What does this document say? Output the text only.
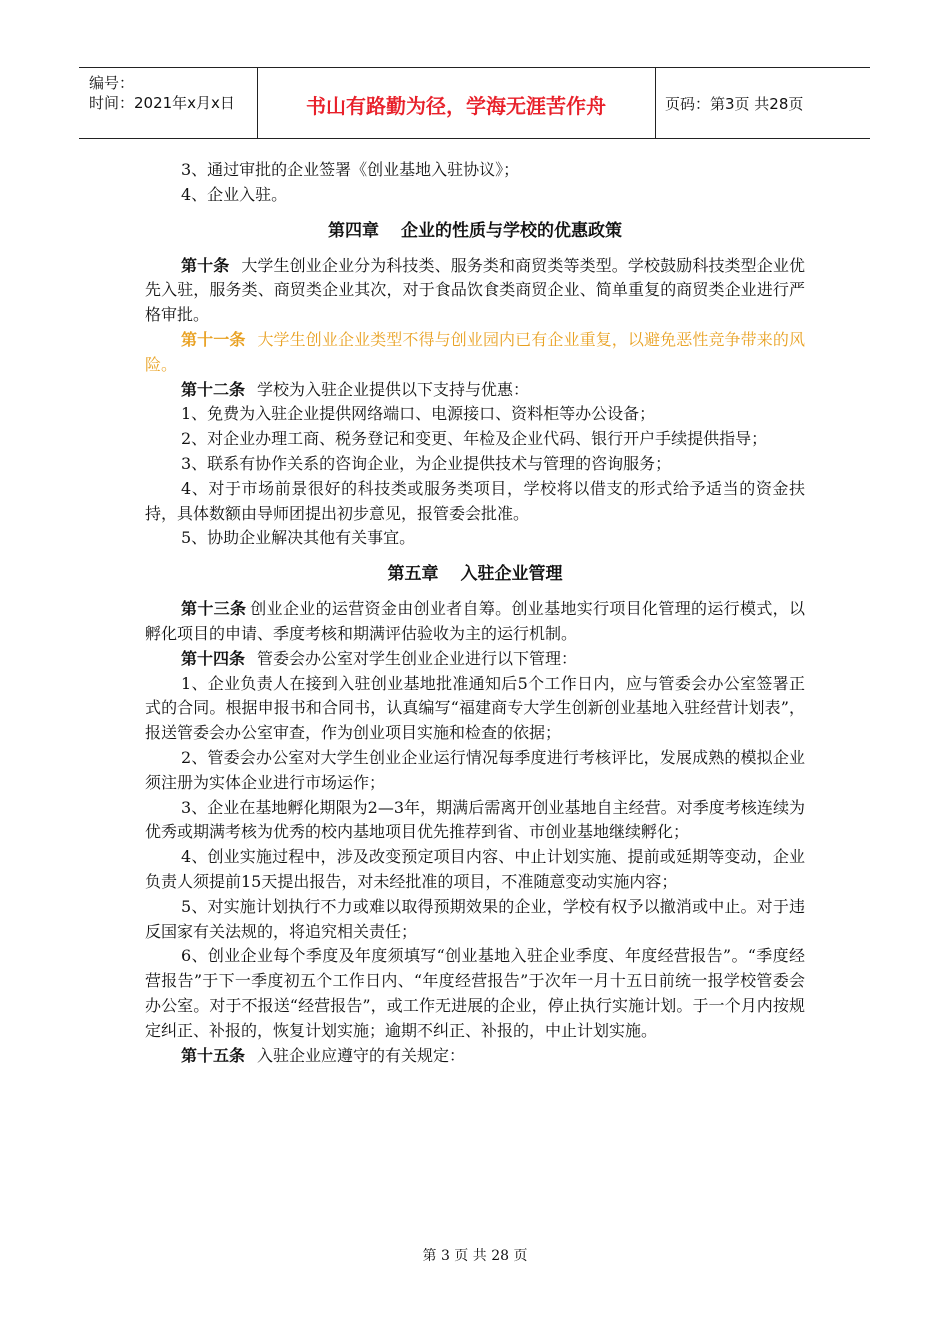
编号：
时间：2021年x月x日	书山有路勤为径，学海无涯苦作舟	页码：第3页 共28页

3、通过审批的企业签署《创业基地入驻协议》；

4、企业入驻。

第四章 企业的性质与学校的优惠政策

第十条 大学生创业企业分为科技类、服务类和商贸类等类型。学校鼓励科技类型企业优先入驻，服务类、商贸类企业其次，对于食品饮食类商贸企业、简单重复的商贸类企业进行严格审批。

第十一条 大学生创业企业类型不得与创业园内已有企业重复，以避免恶性竞争带来的风险。

第十二条 学校为入驻企业提供以下支持与优惠：

1、免费为入驻企业提供网络端口、电源接口、资料柜等办公设备；

2、对企业办理工商、税务登记和变更、年检及企业代码、银行开户手续提供指导；

3、联系有协作关系的咨询企业，为企业提供技术与管理的咨询服务；

4、对于市场前景很好的科技类或服务类项目，学校将以借支的形式给予适当的资金扶持，具体数额由导师团提出初步意见，报管委会批准。

5、协助企业解决其他有关事宜。

第五章 入驻企业管理

第十三条 创业企业的运营资金由创业者自筹。创业基地实行项目化管理的运行模式，以孵化项目的申请、季度考核和期满评估验收为主的运行机制。

第十四条 管委会办公室对学生创业企业进行以下管理：

1、企业负责人在接到入驻创业基地批准通知后5个工作日内，应与管委会办公室签署正式的合同。根据申报书和合同书，认真编写“福建商专大学生创新创业基地入驻经营计划表”，报送管委会办公室审查，作为创业项目实施和检查的依据；

2、管委会办公室对大学生创业企业运行情况每季度进行考核评比，发展成熟的模拟企业须注册为实体企业进行市场运作；

3、企业在基地孵化期限为2—3年，期满后需离开创业基地自主经营。对季度考核连续为优秀或期满考核为优秀的校内基地项目优先推荐到省、市创业基地继续孵化；

4、创业实施过程中，涉及改变预定项目内容、中止计划实施、提前或延期等变动，企业负责人须提前15天提出报告，对未经批准的项目，不准随意变动实施内容；

5、对实施计划执行不力或难以取得预期效果的企业，学校有权予以撤消或中止。对于违反国家有关法规的，将追究相关责任；

6、创业企业每个季度及年度须填写“创业基地入驻企业季度、年度经营报告”。“季度经营报告”于下一季度初五个工作日内、“年度经营报告”于次年一月十五日前统一报学校管委会办公室。对于不报送“经营报告”，或工作无进展的企业，停止执行实施计划。于一个月内按规定纠正、补报的，恢复计划实施；逾期不纠正、补报的，中止计划实施。

第十五条 入驻企业应遵守的有关规定：

第 3 页 共 28 页
